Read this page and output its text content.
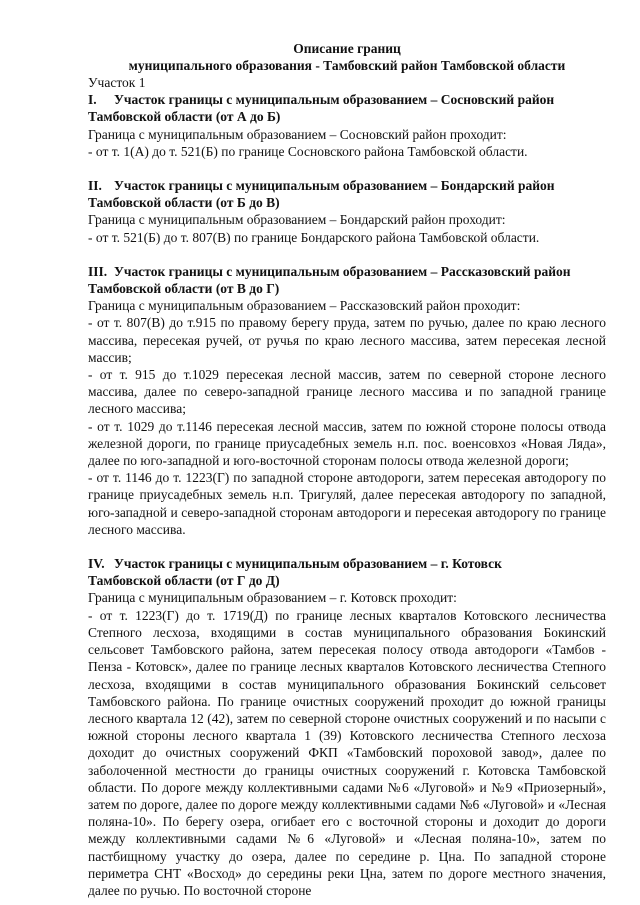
Описание границ
муниципального образования - Тамбовский район Тамбовской области
Участок 1
I. Участок границы с муниципальным образованием – Сосновский район
Тамбовской области (от А до Б)
Граница с муниципальным образованием – Сосновский район проходит:
- от т. 1(А) до т. 521(Б) по границе Сосновского района Тамбовской области.
II. Участок границы с муниципальным образованием – Бондарский район
Тамбовской области (от Б до В)
Граница с муниципальным образованием – Бондарский район проходит:
- от т. 521(Б) до т. 807(В) по границе Бондарского района Тамбовской области.
III. Участок границы с муниципальным образованием – Рассказовский район
Тамбовской области (от В до Г)
Граница с муниципальным образованием – Рассказовский район проходит:
- от т. 807(В) до т.915 по правому берегу пруда, затем по ручью, далее по краю лесного массива, пересекая ручей, от ручья по краю лесного массива, затем пересекая лесной массив;
- от т. 915 до т.1029 пересекая лесной массив, затем по северной стороне лесного массива, далее по северо-западной границе лесного массива и по западной границе лесного массива;
- от т. 1029 до т.1146 пересекая лесной массив, затем по южной стороне полосы отвода железной дороги, по границе приусадебных земель н.п. пос. военсовхоз «Новая Ляда», далее по юго-западной и юго-восточной сторонам полосы отвода железной дороги;
- от т. 1146 до т. 1223(Г) по западной стороне автодороги, затем пересекая автодорогу по границе приусадебных земель н.п. Тригуляй, далее пересекая автодорогу по западной, юго-западной и северо-западной сторонам автодороги и пересекая автодорогу по границе лесного массива.
IV. Участок границы с муниципальным образованием – г. Котовск
Тамбовской области (от Г до Д)
Граница с муниципальным образованием – г. Котовск проходит:
- от т. 1223(Г) до т. 1719(Д) по границе лесных кварталов Котовского лесничества Степного лесхоза, входящими в состав муниципального образования Бокинский сельсовет Тамбовского района, затем пересекая полосу отвода автодороги «Тамбов - Пенза - Котовск», далее по границе лесных кварталов Котовского лесничества Степного лесхоза, входящими в состав муниципального образования Бокинский сельсовет Тамбовского района. По границе очистных сооружений проходит до южной границы лесного квартала 12 (42), затем по северной стороне очистных сооружений и по насыпи с южной стороны лесного квартала 1 (39) Котовского лесничества Степного лесхоза доходит до очистных сооружений ФКП «Тамбовский пороховой завод», далее по заболоченной местности до границы очистных сооружений г. Котовска Тамбовской области. По дороге между коллективными садами №6 «Луговой» и №9 «Приозерный», затем по дороге, далее по дороге между коллективными садами №6 «Луговой» и «Лесная поляна-10». По берегу озера, огибает его с восточной стороны и доходит до дороги между коллективными садами №6 «Луговой» и «Лесная поляна-10», затем по пастбищному участку до озера, далее по середине р. Цна. По западной стороне периметра СНТ «Восход» до середины реки Цна, затем по дороге местного значения, далее по ручью. По восточной стороне
